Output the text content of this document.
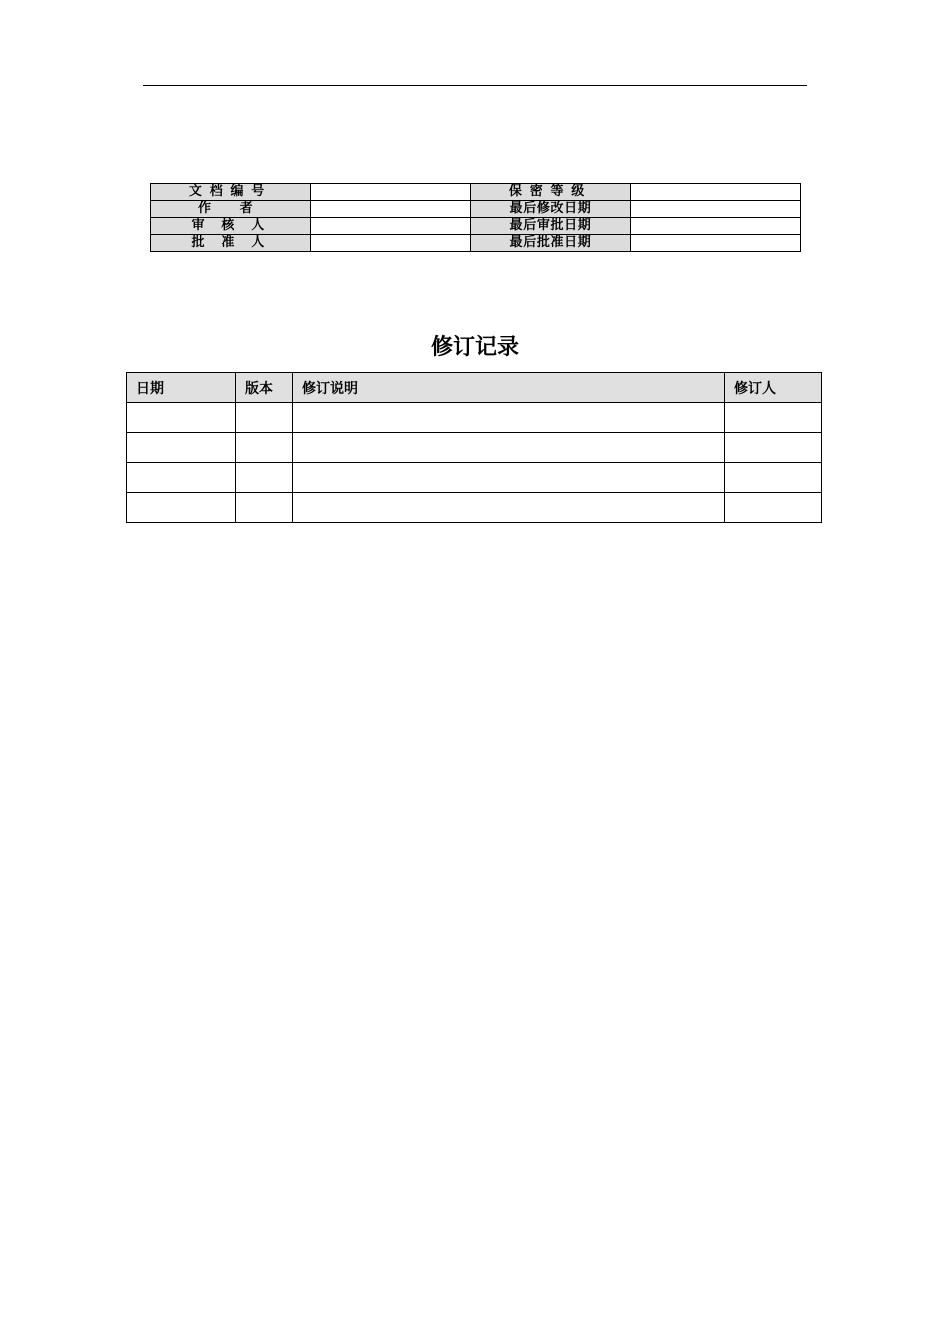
文档编号		保密等级	
作者		最后修改日期	
审核人		最后审批日期	
批准人		最后批准日期	
修订记录
日期	版本	修订说明	修订人
